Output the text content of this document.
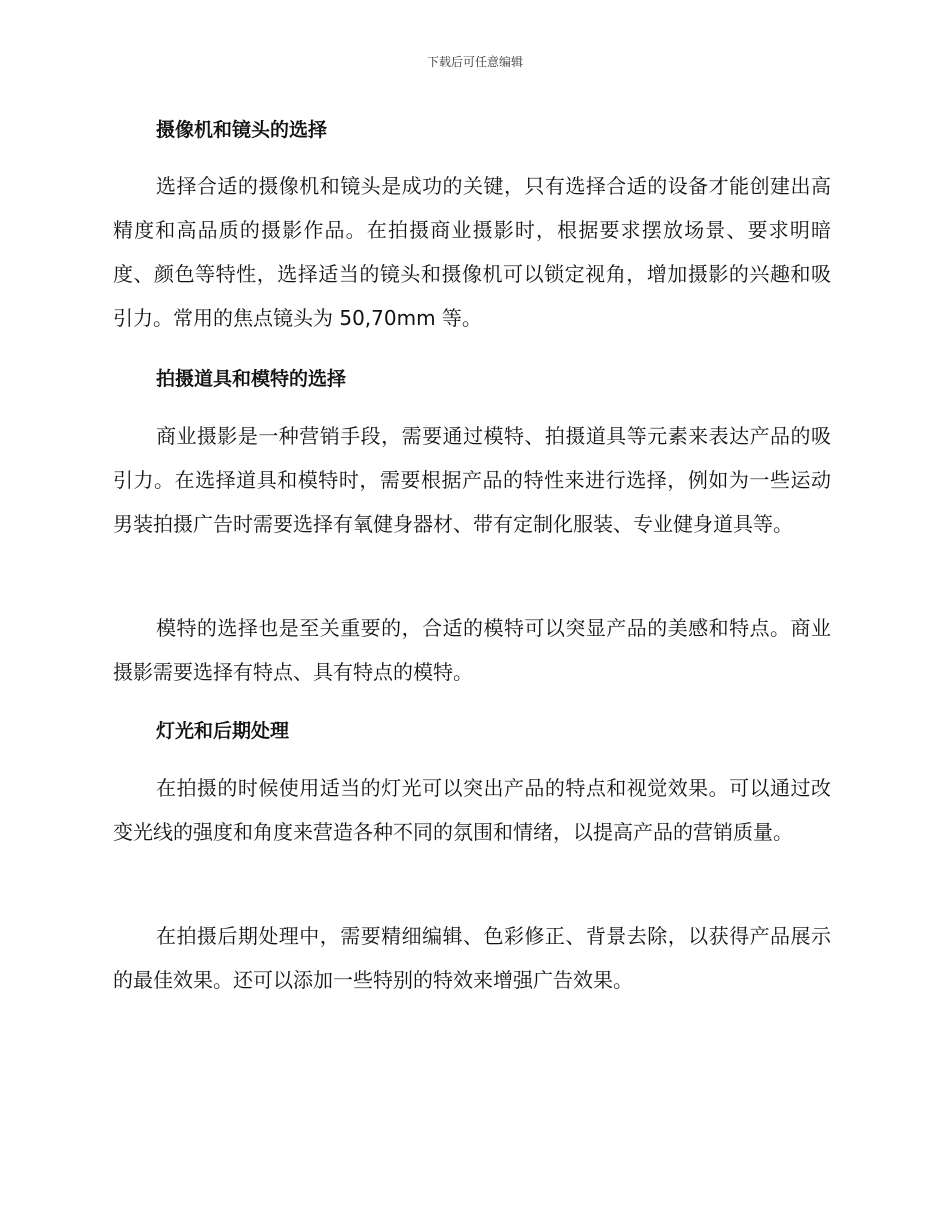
下载后可任意编辑
摄像机和镜头的选择
选择合适的摄像机和镜头是成功的关键，只有选择合适的设备才能创建出高精度和高品质的摄影作品。在拍摄商业摄影时，根据要求摆放场景、要求明暗度、颜色等特性，选择适当的镜头和摄像机可以锁定视角，增加摄影的兴趣和吸引力。常用的焦点镜头为 50,70mm 等。
拍摄道具和模特的选择
商业摄影是一种营销手段，需要通过模特、拍摄道具等元素来表达产品的吸引力。在选择道具和模特时，需要根据产品的特性来进行选择，例如为一些运动男装拍摄广告时需要选择有氧健身器材、带有定制化服装、专业健身道具等。
模特的选择也是至关重要的，合适的模特可以突显产品的美感和特点。商业摄影需要选择有特点、具有特点的模特。
灯光和后期处理
在拍摄的时候使用适当的灯光可以突出产品的特点和视觉效果。可以通过改变光线的强度和角度来营造各种不同的氛围和情绪，以提高产品的营销质量。
在拍摄后期处理中，需要精细编辑、色彩修正、背景去除，以获得产品展示的最佳效果。还可以添加一些特别的特效来增强广告效果。
